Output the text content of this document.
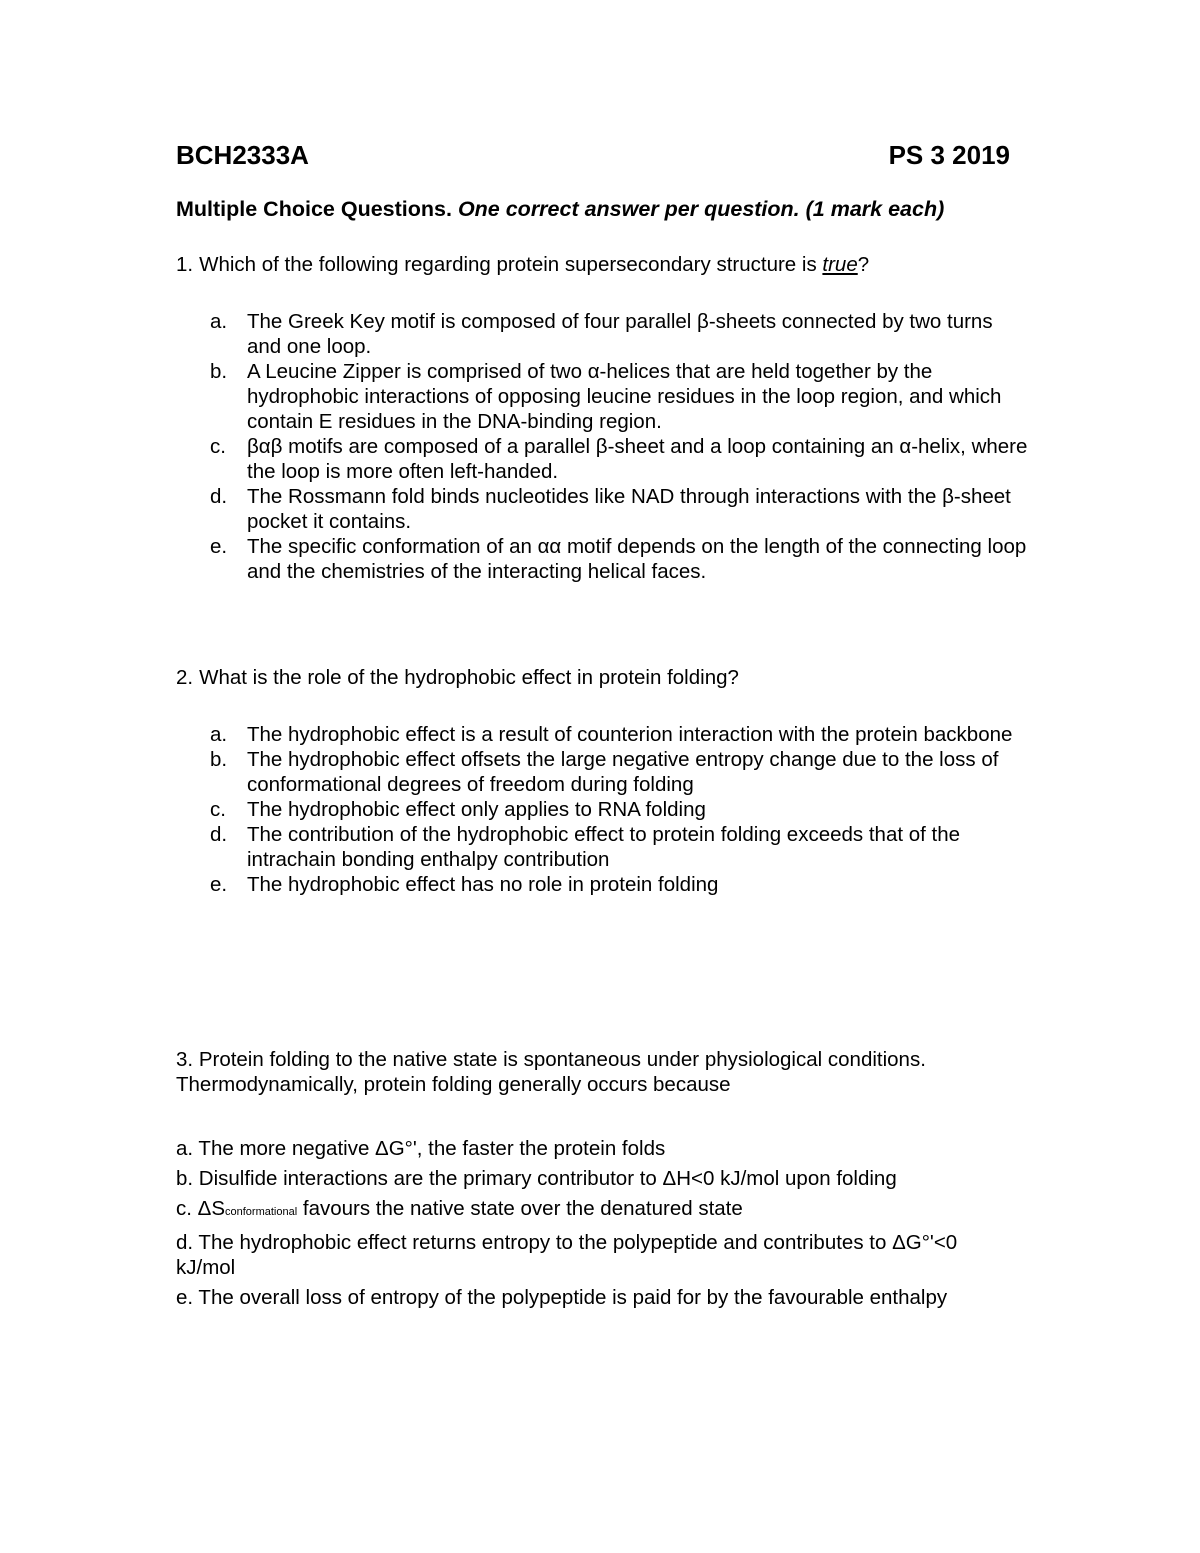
BCH2333A	PS 3 2019
Multiple Choice Questions. One correct answer per question. (1 mark each)
1. Which of the following regarding protein supersecondary structure is true?
a. The Greek Key motif is composed of four parallel β-sheets connected by two turns and one loop.
b. A Leucine Zipper is comprised of two α-helices that are held together by the hydrophobic interactions of opposing leucine residues in the loop region, and which contain E residues in the DNA-binding region.
c.	βαβ motifs are composed of a parallel β-sheet and a loop containing an α-helix, where the loop is more often left-handed.
d. The Rossmann fold binds nucleotides like NAD through interactions with the β-sheet pocket it contains.
e. The specific conformation of an αα motif depends on the length of the connecting loop and the chemistries of the interacting helical faces.
2. What is the role of the hydrophobic effect in protein folding?
a. The hydrophobic effect is a result of counterion interaction with the protein backbone
b. The hydrophobic effect offsets the large negative entropy change due to the loss of conformational degrees of freedom during folding
c.	The hydrophobic effect only applies to RNA folding
d. The contribution of the hydrophobic effect to protein folding exceeds that of the intrachain bonding enthalpy contribution
e. The hydrophobic effect has no role in protein folding
3. Protein folding to the native state is spontaneous under physiological conditions. Thermodynamically, protein folding generally occurs because
a. The more negative ΔG°', the faster the protein folds
b. Disulfide interactions are the primary contributor to ΔH<0 kJ/mol upon folding
c. ΔSconformational favours the native state over the denatured state
d. The hydrophobic effect returns entropy to the polypeptide and contributes to ΔG°'<0 kJ/mol
e. The overall loss of entropy of the polypeptide is paid for by the favourable enthalpy
